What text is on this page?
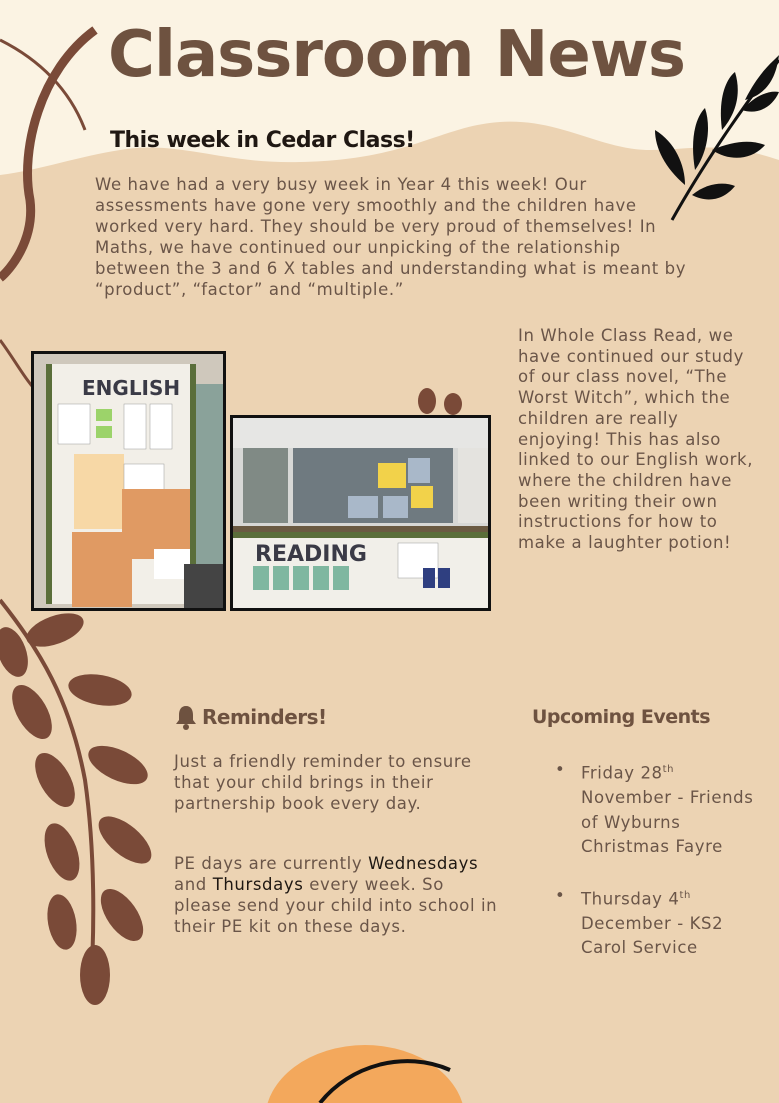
Classroom News
This week in Cedar Class!
We have had a very busy week in Year 4 this week! Our assessments have gone very smoothly and the children have worked very hard. They should be very proud of themselves! In Maths, we have continued our unpicking of the relationship between the 3 and 6 X tables and understanding what is meant by “product”, “factor” and “multiple.”
ENGLISH
READING
In Whole Class Read, we have continued our study of our class novel, “The Worst Witch”, which the children are really enjoying! This has also linked to our English work, where the children have been writing their own instructions for how to make a laughter potion!
Reminders!
Just a friendly reminder to ensure that your child brings in their partnership book every day.
PE days are currently Wednesdays and Thursdays every week. So please send your child into school in their PE kit on these days.
Upcoming Events
• Friday 28th November - Friends of Wyburns Christmas Fayre
• Thursday 4th December - KS2 Carol Service
